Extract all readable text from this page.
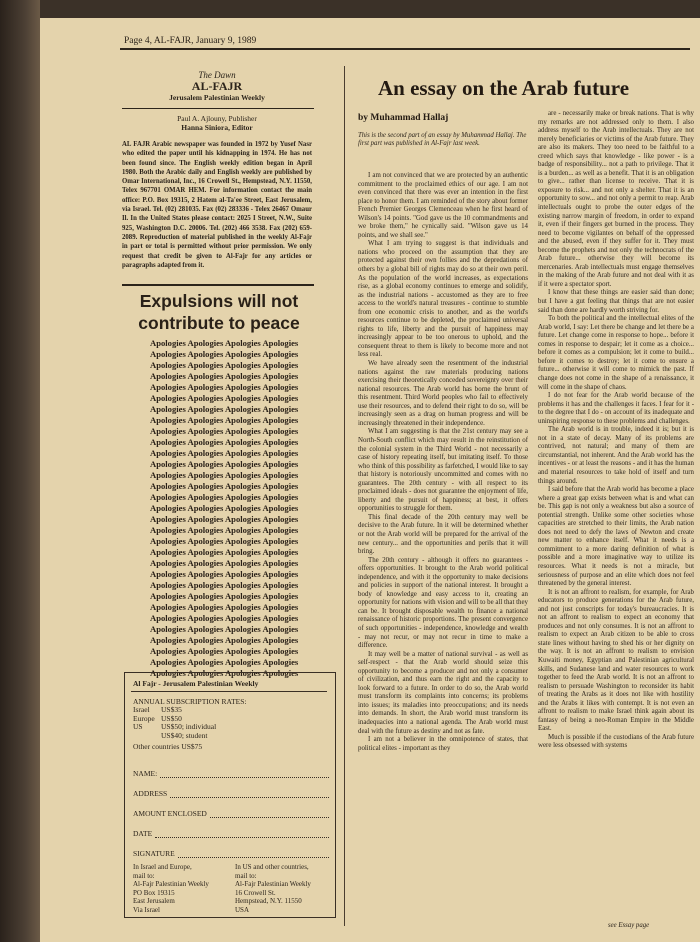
Page 4, AL-FAJR, January 9, 1989
The Dawn
AL-FAJR
Jerusalem Palestinian Weekly
Paul A. Ajlouny, Publisher
Hanna Siniora, Editor
AL FAJR Arabic newspaper was founded in 1972 by Yusef Nasr who edited the paper until his kidnapping in 1974. He has not been found since. The English weekly edition began in April 1980. Both the Arabic daily and English weekly are published by Omar International, Inc., 16 Crowell St., Hempstead, N.Y. 11550, Telex 967701 OMAR HEM. For information contact the main office: P.O. Box 19315, 2 Hatem al-Ta'ee Street, East Jerusalem, via Israel. Tel. (02) 281035. Fax (02) 283336 - Telex 26467 Omaur Il. In the United States please contact: 2025 I Street, N.W., Suite 925, Washington D.C. 20006. Tel. (202) 466 3538. Fax (202) 659-2089. Reproduction of material published in the weekly Al-Fajr in part or total is permitted without prior permission. We only request that credit be given to Al-Fajr for any articles or paragraphs adapted from it.
Expulsions will not contribute to peace
Apologies Apologies Apologies Apologies
Apologies Apologies Apologies Apologies
Apologies Apologies Apologies Apologies
Apologies Apologies Apologies Apologies
Apologies Apologies Apologies Apologies
Apologies Apologies Apologies Apologies
Apologies Apologies Apologies Apologies
Apologies Apologies Apologies Apologies
Apologies Apologies Apologies Apologies
Apologies Apologies Apologies Apologies
Apologies Apologies Apologies Apologies
Apologies Apologies Apologies Apologies
Apologies Apologies Apologies Apologies
Apologies Apologies Apologies Apologies
Apologies Apologies Apologies Apologies
Apologies Apologies Apologies Apologies
Apologies Apologies Apologies Apologies
Apologies Apologies Apologies Apologies
Apologies Apologies Apologies Apologies
Apologies Apologies Apologies Apologies
Apologies Apologies Apologies Apologies
Apologies Apologies Apologies Apologies
Apologies Apologies Apologies Apologies
Apologies Apologies Apologies Apologies
Apologies Apologies Apologies Apologies
Apologies Apologies Apologies Apologies
Apologies Apologies Apologies Apologies
Apologies Apologies Apologies Apologies
Apologies Apologies Apologies Apologies
Apologies Apologies Apologies Apologies
Apologies Apologies Apologies Apologies
Al Fajr - Jerusalem Palestinian Weekly
ANNUAL SUBSCRIPTION RATES:
Israel	US$35
Europe US$50
US	US$50; individual
US$40; student
Other countries US$75
NAME:
ADDRESS
AMOUNT ENCLOSED
DATE
SIGNATURE
In Israel and Europe,
mail to:
Al-Fajr Palestinian Weekly
PO Box 19315
East Jerusalem
Via Israel
In US and other countries,
mail to:
Al-Fajr Palestinian Weekly
16 Crowell St.
Hempstead, N.Y. 11550
USA
An essay on the Arab future
by Muhammad Hallaj
This is the second part of an essay by Muhammad Hallaj. The first part was published in Al-Fajr last week.

I am not convinced that we are protected by an authentic commitment to the proclaimed ethics of our age. I am not even convinced that there was ever an intention in the first place to honor them. I am reminded of the story about former French Premier Georges Clemenceau when he first heard of Wilson's 14 points. "God gave us the 10 commandments and we broke them," he cynically said. "Wilson gave us 14 points, and we shall see."

What I am trying to suggest is that individuals and nations who proceed on the assumption that they are protected against their own follies and the depredations of others by a global bill of rights may do so at their own peril. As the population of the world increases, as expectations rise, as a global economy continues to emerge and solidify, as the industrial nations - accustomed as they are to free access to the world's natural treasures - continue to stumble from one economic crisis to another, and as the world's resources continue to be depleted, the proclaimed universal rights to life, liberty and the pursuit of happiness may increasingly appear to be too onerous to uphold, and the consequent threat to them is likely to become more and not less real.

We have already seen the resentment of the industrial nations against the raw materials producing nations exercising their theoretically conceded sovereignty over their national resources. The Arab world has borne the brunt of this resentment. Third World peoples who fail to effectively use their resources, and to defend their right to do so, will be increasingly seen as a drag on human progress and will be increasingly threatened in their independence.

What I am suggesting is that the 21st century may see a North-South conflict which may result in the reinstitution of the colonial system in the Third World - not necessarily a case of history repeating itself, but imitating itself. To those who think of this possibility as farfetched, I would like to say that history is notoriously uncommitted and comes with no guarantees. The 20th century - with all respect to its proclaimed ideals - does not guarantee the enjoyment of life, liberty and the pursuit of happiness; at best, it offers opportunities to struggle for them.

This final decade of the 20th century may well be decisive to the Arab future. In it will be determined whether or not the Arab world will be prepared for the arrival of the new century... and the opportunities and perils that it will bring.

The 20th century - although it offers no guarantees - offers opportunities. It brought to the Arab world political independence, and with it the opportunity to make decisions and policies in support of the national interest. It brought a body of knowledge and easy access to it, creating an opportunity for nations with vision and will to be all that they can be. It brought disposable wealth to finance a national renaissance of historic proportions. The present convergence of such opportunities - independence, knowledge and wealth - may not recur, or may not recur in time to make a difference.

It may well be a matter of national survival - as well as self-respect - that the Arab world should seize this opportunity to become a producer and not only a consumer of civilization, and thus earn the right and the capacity to look forward to a future. In order to do so, the Arab world must transform its complaints into concerns; its problems into issues; its maladies into preoccupations; and its needs into demands. In short, the Arab world must transform its inadequacies into a national agenda. The Arab world must deal with the future as destiny and not as fate.

I am not a believer in the omnipotence of states, that political elites - important as they

are - necessarily make or break nations. That is why my remarks are not addressed only to them. I also address myself to the Arab intellectuals. They are not merely beneficiaries or victims of the Arab future. They are also its makers. They too need to be faithful to a creed which says that knowledge - like power - is a badge of responsibility... not a path to privilege. That it is a burden... as well as a benefit. That it is an obligation to give... rather than license to receive. That it is exposure to risk... and not only a shelter. That it is an opportunity to sow... and not only a permit to reap. Arab intellectuals ought to probe the outer edges of the existing narrow margin of freedom, in order to expand it, even if their fingers get burned in the process. They need to become vigilantes on behalf of the oppressed and the abused, even if they suffer for it. They must become the prophets and not only the technocrats of the Arab future... otherwise they will become its mercenaries. Arab intellectuals must engage themselves in the making of the Arab future and not deal with it as if it were a spectator sport.

I know that these things are easier said than done; but I have a gut feeling that things that are not easier said than done are hardly worth striving for.

To both the political and the intellectual elites of the Arab world, I say: Let there be change and let there be a future. Let change come in response to hope... before it comes in response to despair; let it come as a choice... before it comes as a compulsion; let it come to build... before it comes to destroy; let it come to ensure a future... otherwise it will come to mimick the past. If change does not come in the shape of a renaissance, it will come in the shape of chaos.

I do not fear for the Arab world because of the problems it has and the challenges it faces. I fear for it - to the degree that I do - on account of its inadequate and uninspiring response to these problems and challenges.

The Arab world is in trouble, indeed it is; but it is not in a state of decay. Many of its problems are contrived, not natural; and many of them are circumstantial, not inherent. And the Arab world has the incentives - or at least the reasons - and it has the human and material resources to take hold of itself and turn things around.

I said before that the Arab world has become a place where a great gap exists between what is and what can be. This gap is not only a weakness but also a source of potential strength. Unlike some other societies whose capacities are stretched to their limits, the Arab nation does not need to defy the laws of Newton and create new matter to enhance itself. What it needs is a commitment to a more daring definition of what is possible and a more imaginative way to utilize its resources. What it needs is not a miracle, but seriousness of purpose and an elite which does not feel threatened by the general interest.

It is not an affront to realism, for example, for Arab educators to produce generations for the Arab future, and not just conscripts for today's bureaucracies. It is not an affront to realism to expect an economy that produces and not only consumes. It is not an affront to realism to expect an Arab citizen to be able to cross state lines without having to shed his or her dignity on the way. It is not an affront to realism to envision Kuwaiti money, Egyptian and Palestinian agricultural skills, and Sudanese land and water resources to work together to feed the Arab world. It is not an affront to realism to persuade Washington to reconsider its habit of treating the Arabs as it does not like with hostility and the Arabs it likes with contempt. It is not even an affront to realism to make Israel think again about its fantasy of being a neo-Roman Empire in the Middle East.

Much is possible if the custodians of the Arab future were less obsessed with systems

see Essay page
